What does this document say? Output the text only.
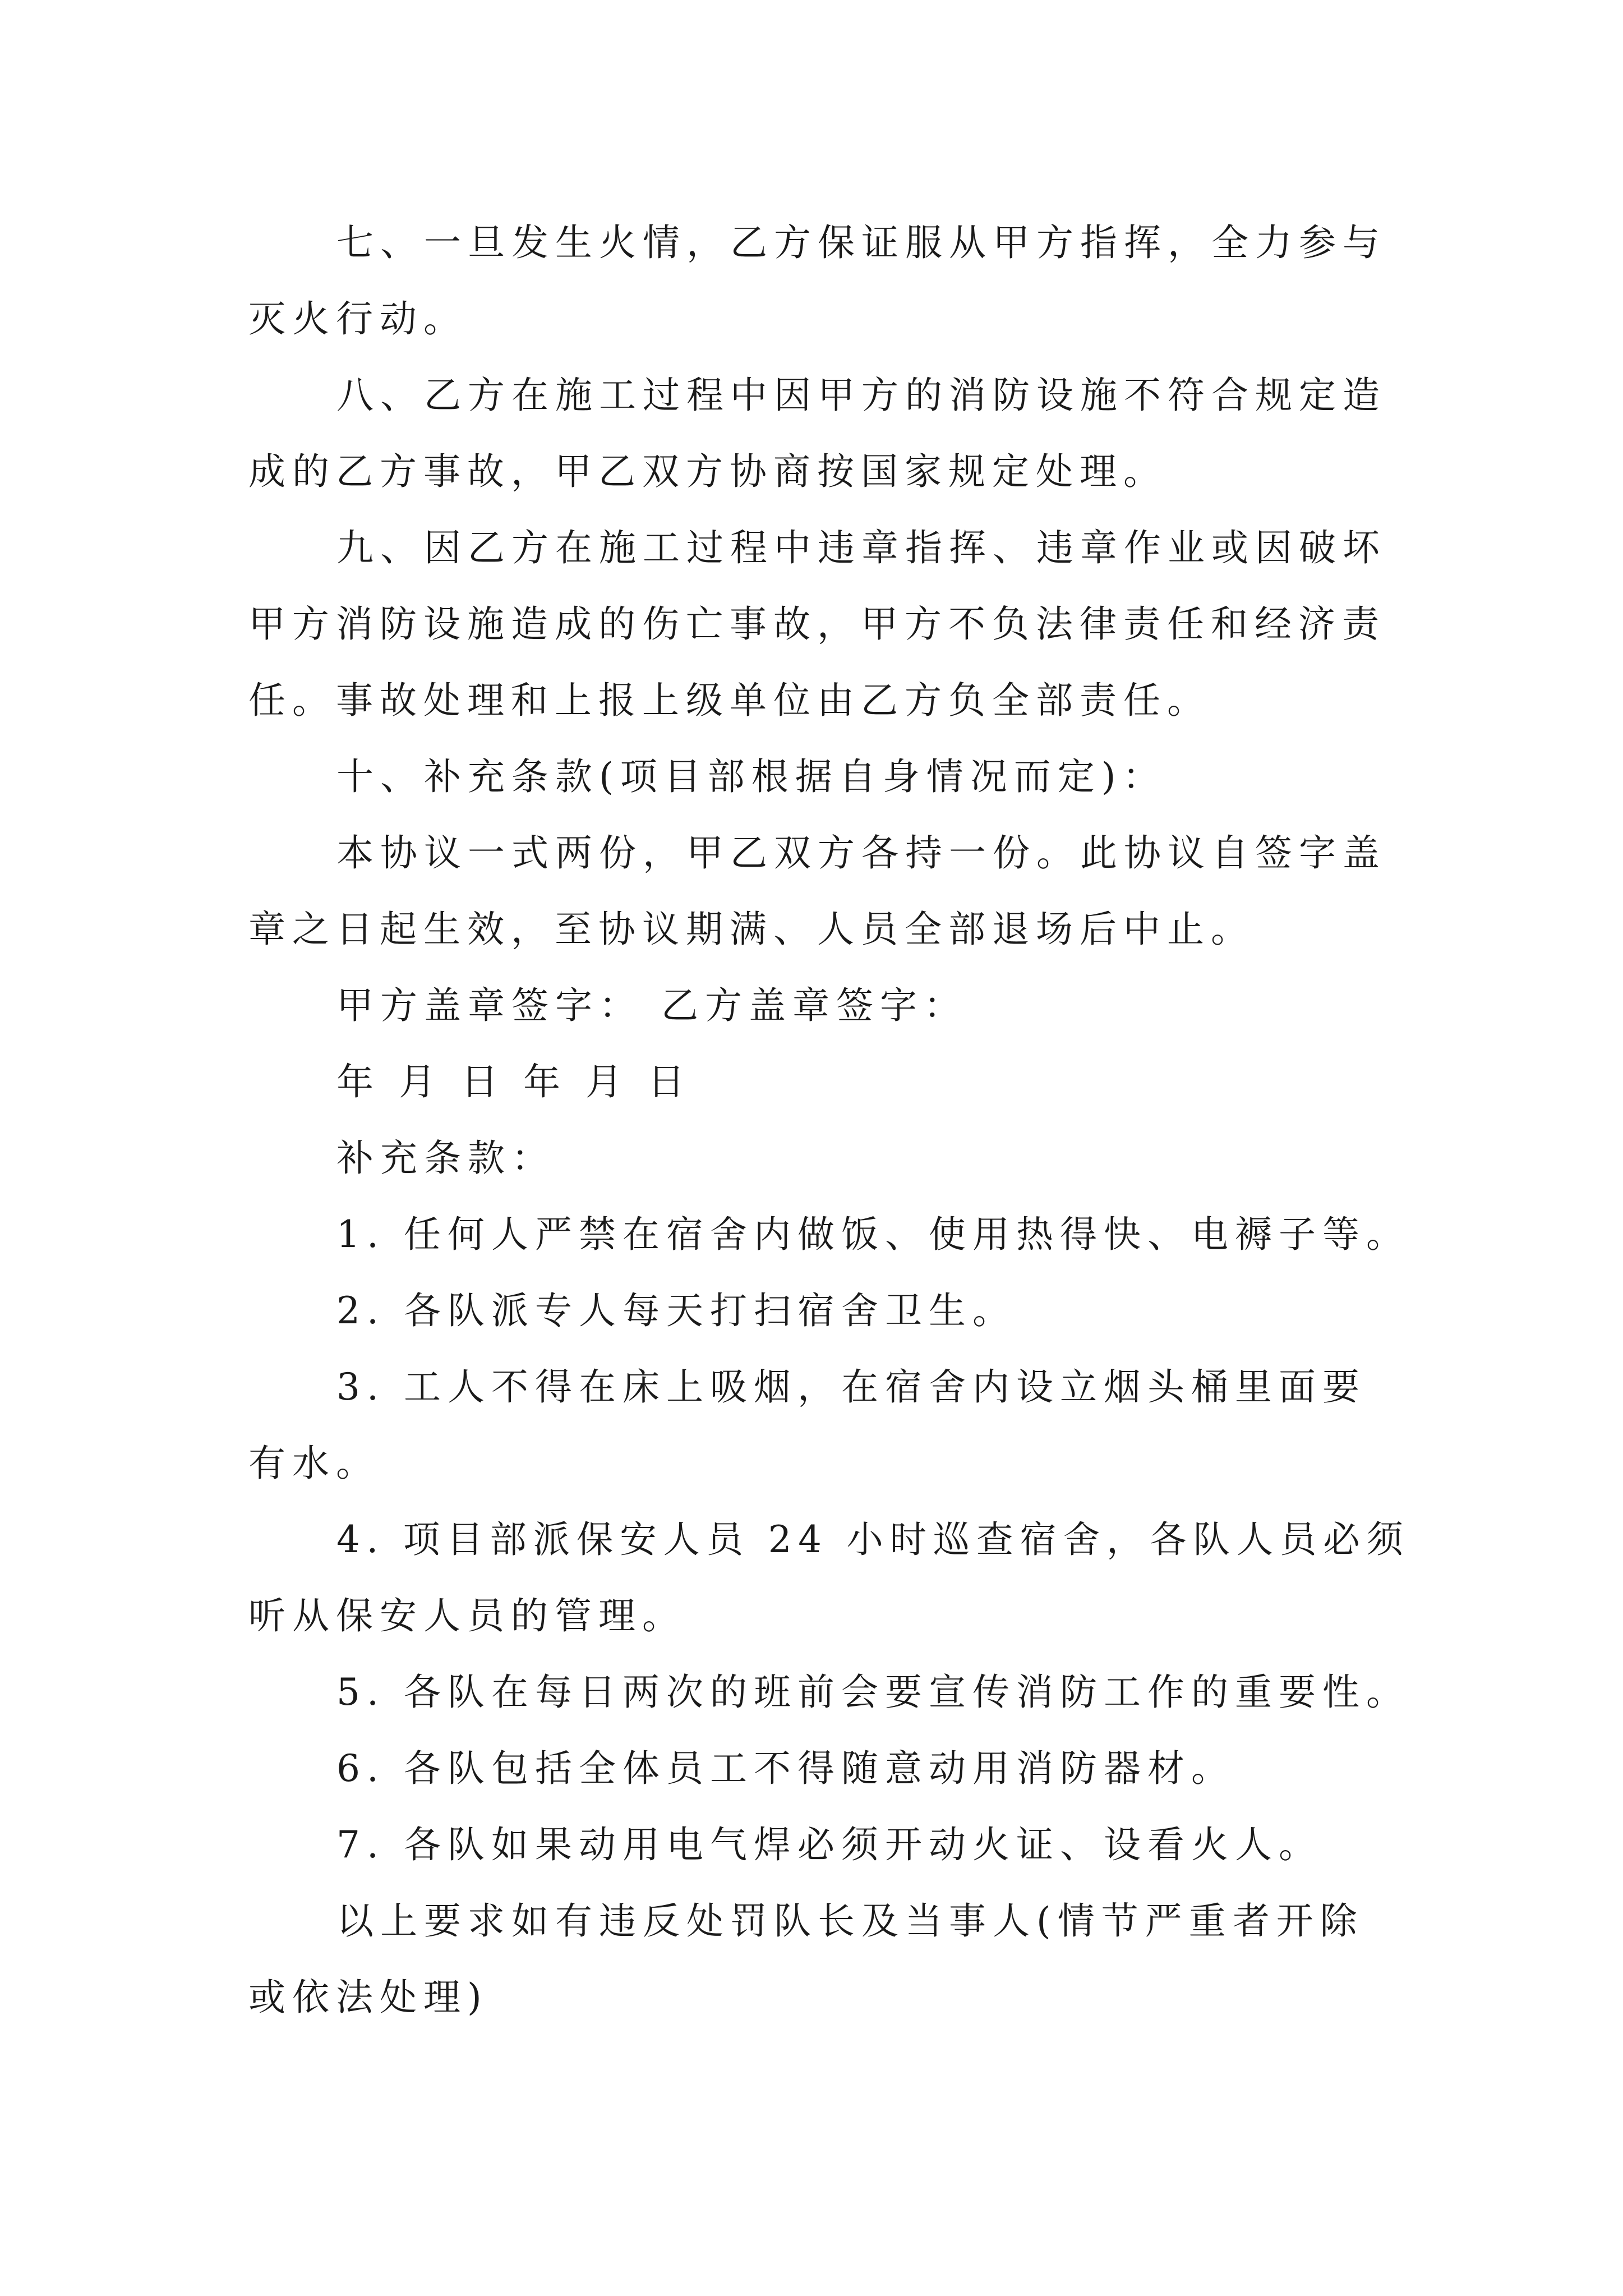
七、一旦发生火情，乙方保证服从甲方指挥，全力参与
灭火行动。
八、乙方在施工过程中因甲方的消防设施不符合规定造
成的乙方事故，甲乙双方协商按国家规定处理。
九、因乙方在施工过程中违章指挥、违章作业或因破坏
甲方消防设施造成的伤亡事故，甲方不负法律责任和经济责
任。事故处理和上报上级单位由乙方负全部责任。
十、补充条款(项目部根据自身情况而定)：
本协议一式两份，甲乙双方各持一份。此协议自签字盖
章之日起生效，至协议期满、人员全部退场后中止。
甲方盖章签字： 乙方盖章签字：
年 月 日 年 月 日
补充条款：
1. 任何人严禁在宿舍内做饭、使用热得快、电褥子等。
2. 各队派专人每天打扫宿舍卫生。
3. 工人不得在床上吸烟，在宿舍内设立烟头桶里面要
有水。
4. 项目部派保安人员 24 小时巡查宿舍，各队人员必须
听从保安人员的管理。
5. 各队在每日两次的班前会要宣传消防工作的重要性。
6. 各队包括全体员工不得随意动用消防器材。
7. 各队如果动用电气焊必须开动火证、设看火人。
以上要求如有违反处罚队长及当事人(情节严重者开除
或依法处理)
